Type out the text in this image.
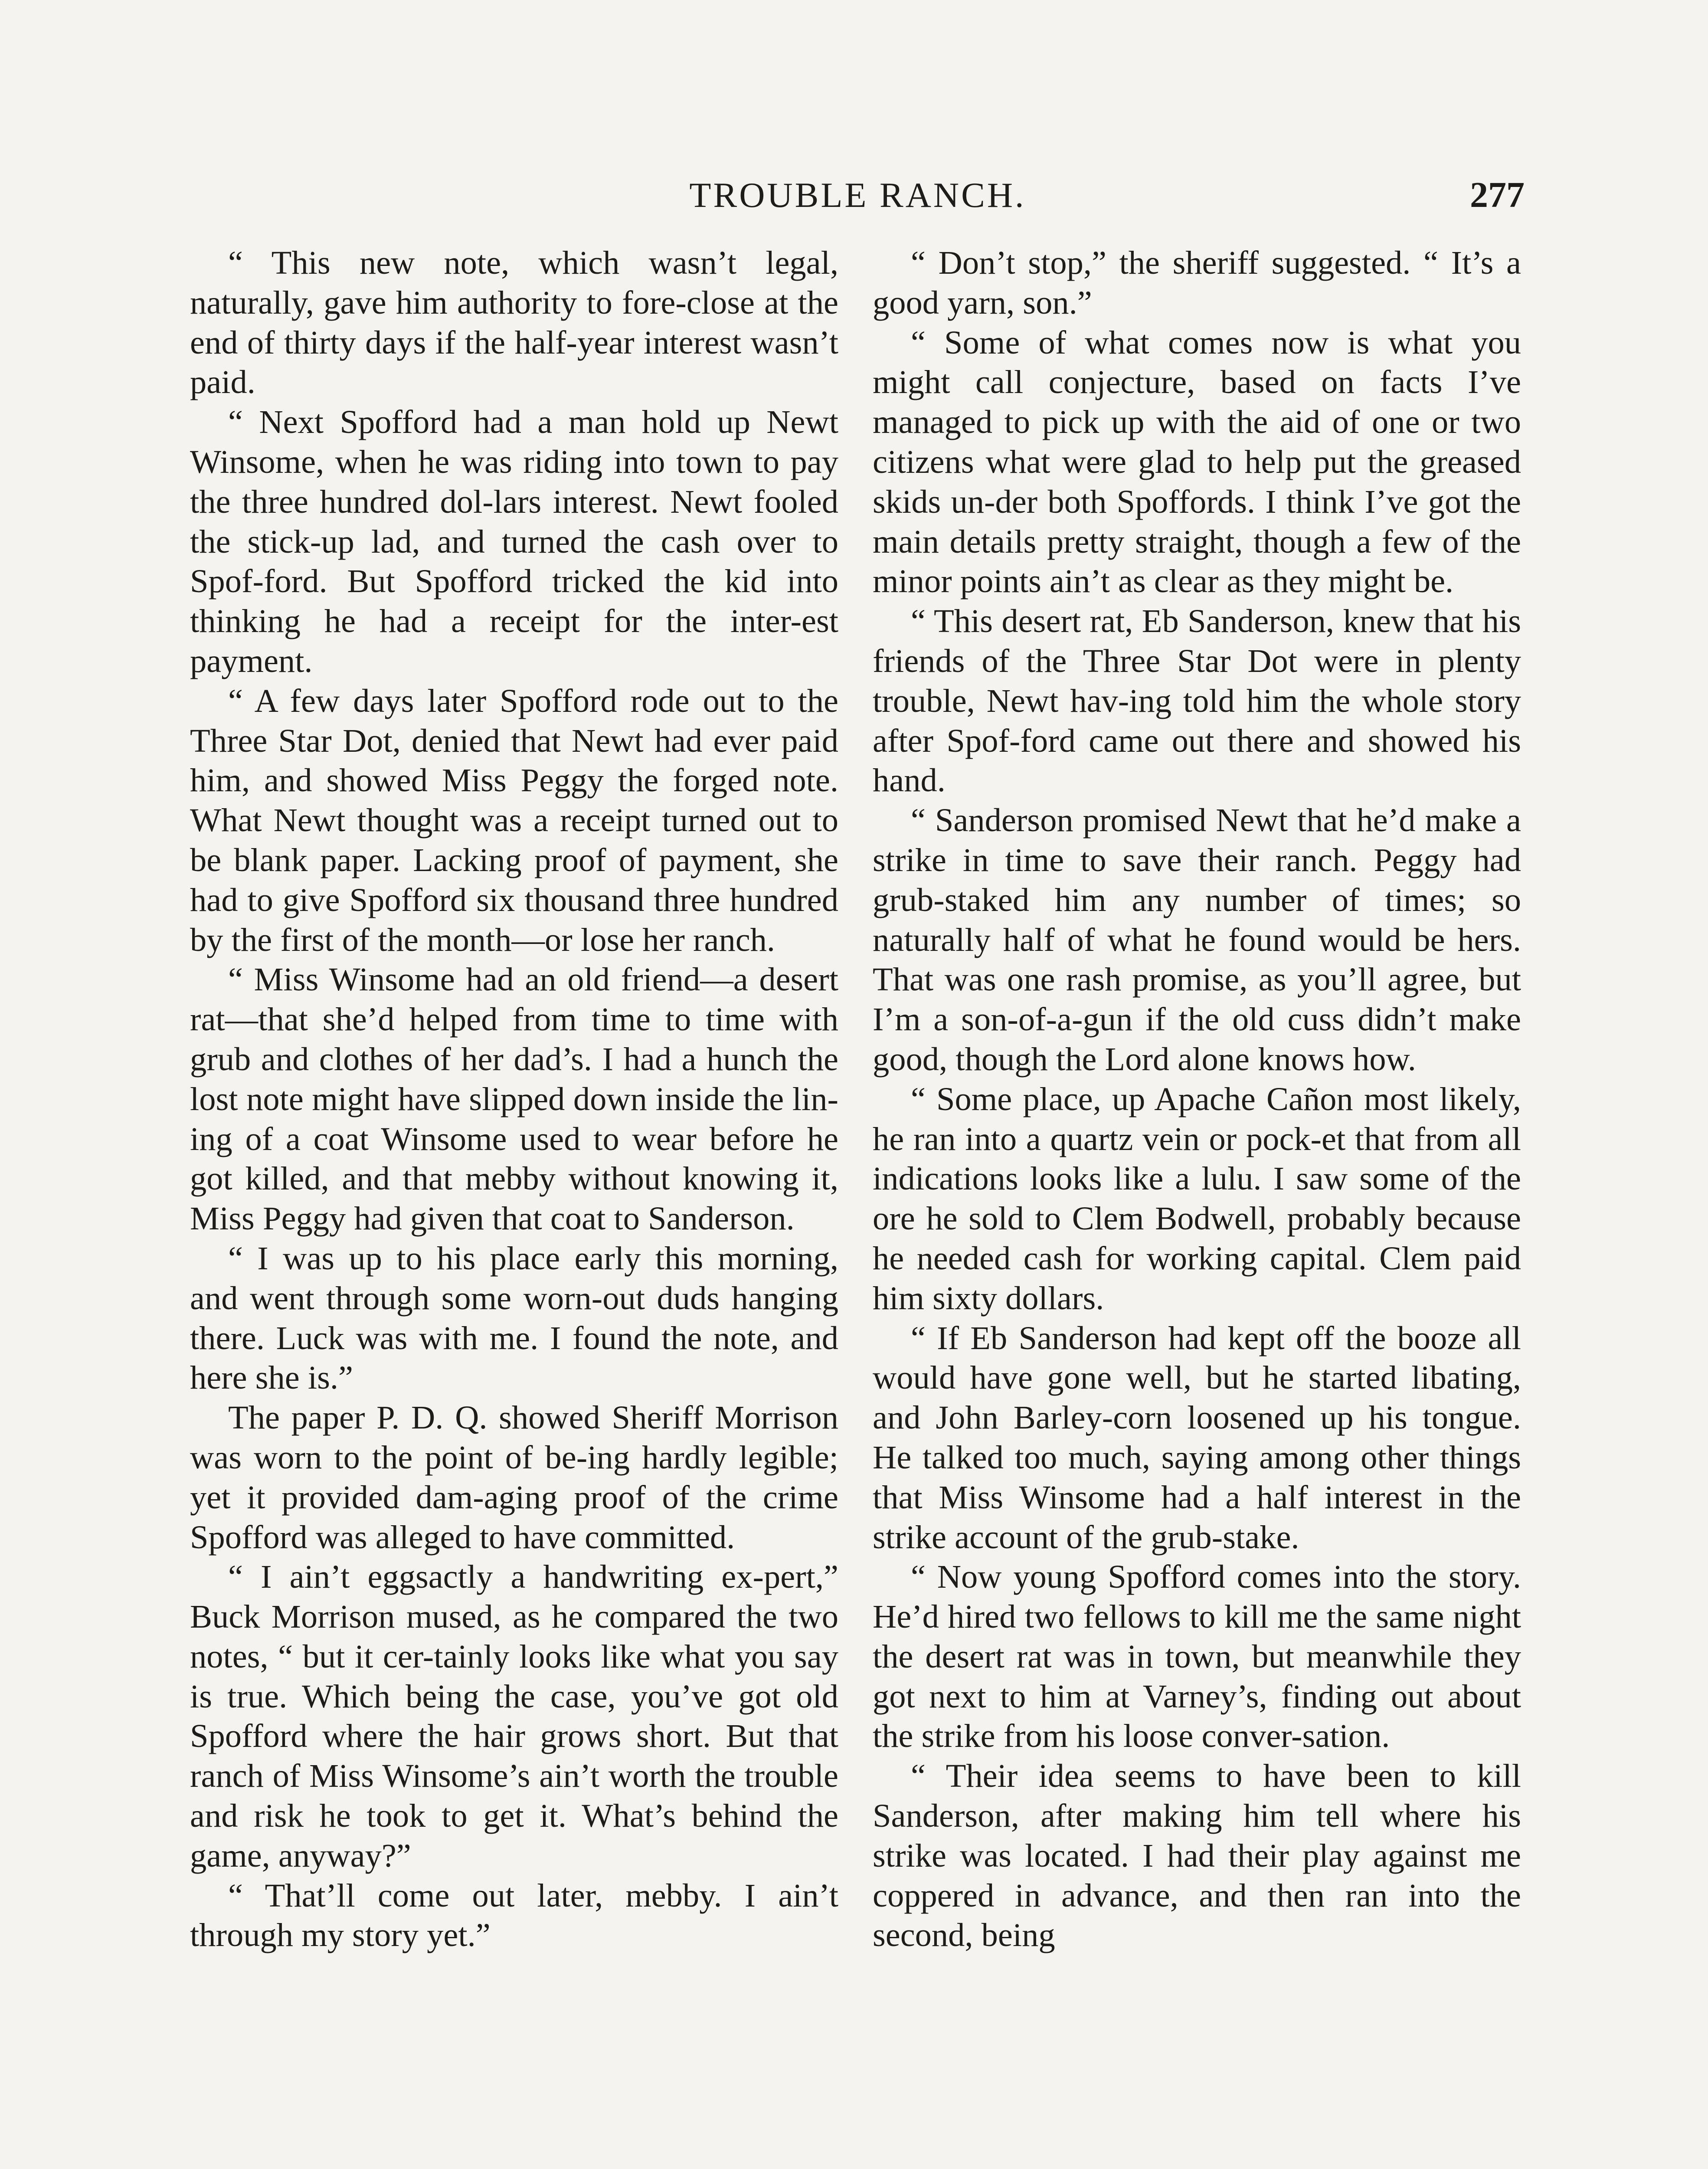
TROUBLE RANCH.	277

“ This new note, which wasn’t legal, naturally, gave him authority to fore-close at the end of thirty days if the half-year interest wasn’t paid.

“ Next Spofford had a man hold up Newt Winsome, when he was riding into town to pay the three hundred dol-lars interest. Newt fooled the stick-up lad, and turned the cash over to Spof-ford. But Spofford tricked the kid into thinking he had a receipt for the inter-est payment.

“ A few days later Spofford rode out to the Three Star Dot, denied that Newt had ever paid him, and showed Miss Peggy the forged note. What Newt thought was a receipt turned out to be blank paper. Lacking proof of payment, she had to give Spofford six thousand three hundred by the first of the month—or lose her ranch.

“ Miss Winsome had an old friend—a desert rat—that she’d helped from time to time with grub and clothes of her dad’s. I had a hunch the lost note might have slipped down inside the lin-ing of a coat Winsome used to wear before he got killed, and that mebby without knowing it, Miss Peggy had given that coat to Sanderson.

“ I was up to his place early this morning, and went through some worn-out duds hanging there. Luck was with me. I found the note, and here she is.”

The paper P. D. Q. showed Sheriff Morrison was worn to the point of be-ing hardly legible; yet it provided dam-aging proof of the crime Spofford was alleged to have committed.

“ I ain’t eggsactly a handwriting ex-pert,” Buck Morrison mused, as he compared the two notes, “ but it cer-tainly looks like what you say is true. Which being the case, you’ve got old Spofford where the hair grows short. But that ranch of Miss Winsome’s ain’t worth the trouble and risk he took to get it. What’s behind the game, anyway?”

“ That’ll come out later, mebby. I ain’t through my story yet.”

“ Don’t stop,” the sheriff suggested. “ It’s a good yarn, son.”

“ Some of what comes now is what you might call conjecture, based on facts I’ve managed to pick up with the aid of one or two citizens what were glad to help put the greased skids un-der both Spoffords. I think I’ve got the main details pretty straight, though a few of the minor points ain’t as clear as they might be.

“ This desert rat, Eb Sanderson, knew that his friends of the Three Star Dot were in plenty trouble, Newt hav-ing told him the whole story after Spof-ford came out there and showed his hand.

“ Sanderson promised Newt that he’d make a strike in time to save their ranch. Peggy had grub-staked him any number of times; so naturally half of what he found would be hers. That was one rash promise, as you’ll agree, but I’m a son-of-a-gun if the old cuss didn’t make good, though the Lord alone knows how.

“ Some place, up Apache Cañon most likely, he ran into a quartz vein or pock-et that from all indications looks like a lulu. I saw some of the ore he sold to Clem Bodwell, probably because he needed cash for working capital. Clem paid him sixty dollars.

“ If Eb Sanderson had kept off the booze all would have gone well, but he started libating, and John Barley-corn loosened up his tongue. He talked too much, saying among other things that Miss Winsome had a half interest in the strike account of the grub-stake.

“ Now young Spofford comes into the story. He’d hired two fellows to kill me the same night the desert rat was in town, but meanwhile they got next to him at Varney’s, finding out about the strike from his loose conver-sation.

“ Their idea seems to have been to kill Sanderson, after making him tell where his strike was located. I had their play against me coppered in advance, and then ran into the second, being
